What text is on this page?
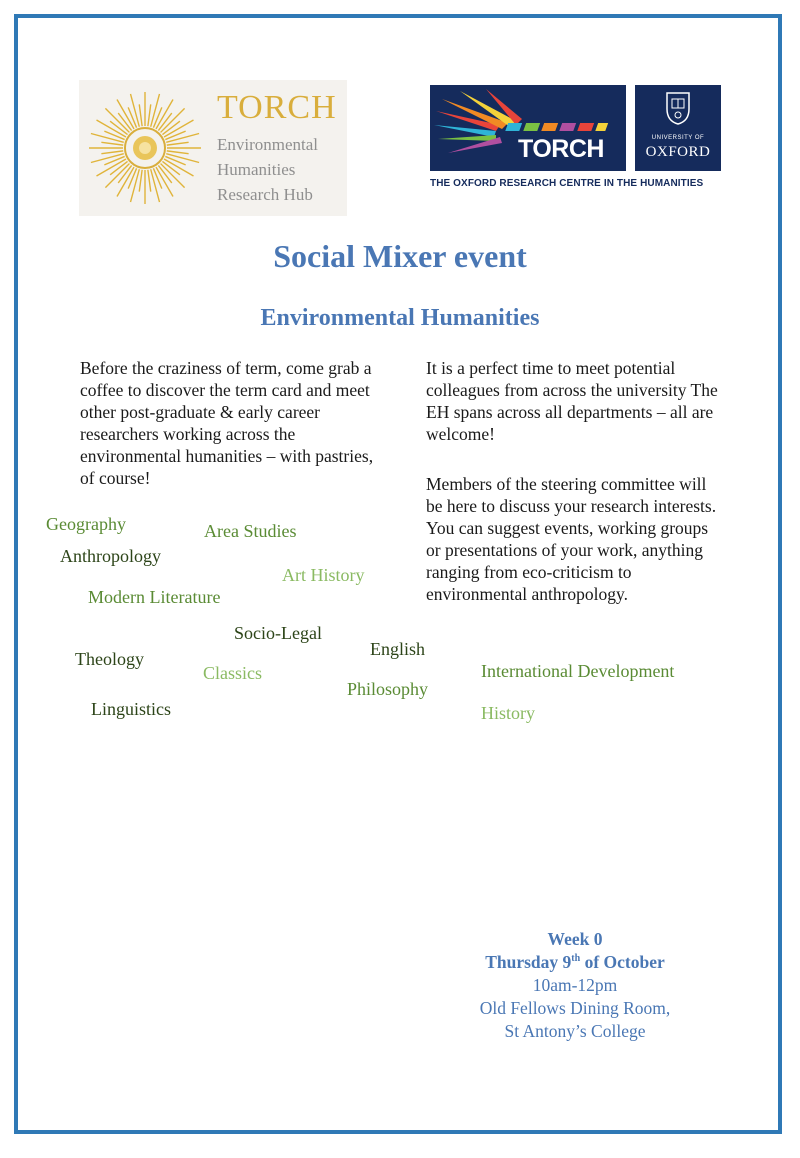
TORCH
Environmental
Humanities
Research Hub
TORCH	UNIVERSITY OF
OXFORD
THE OXFORD RESEARCH CENTRE IN THE HUMANITIES
Social Mixer event
Environmental Humanities
Before the craziness of term, come grab a coffee to discover the term card and meet other post-graduate & early career researchers working across the environmental humanities – with pastries, of course!
It is a perfect time to meet potential colleagues from across the university The EH spans across all departments – all are welcome!
Members of the steering committee will be here to discuss your research interests. You can suggest events, working groups or presentations of your work, anything ranging from eco-criticism to environmental anthropology.
Geography	Area Studies
Anthropology
Art History
Modern Literature
Socio-Legal
English
Theology
Classics	International Development
Philosophy
Linguistics	History
Week 0
Thursday 9th of October
10am-12pm
Old Fellows Dining Room,
St Antony’s College
